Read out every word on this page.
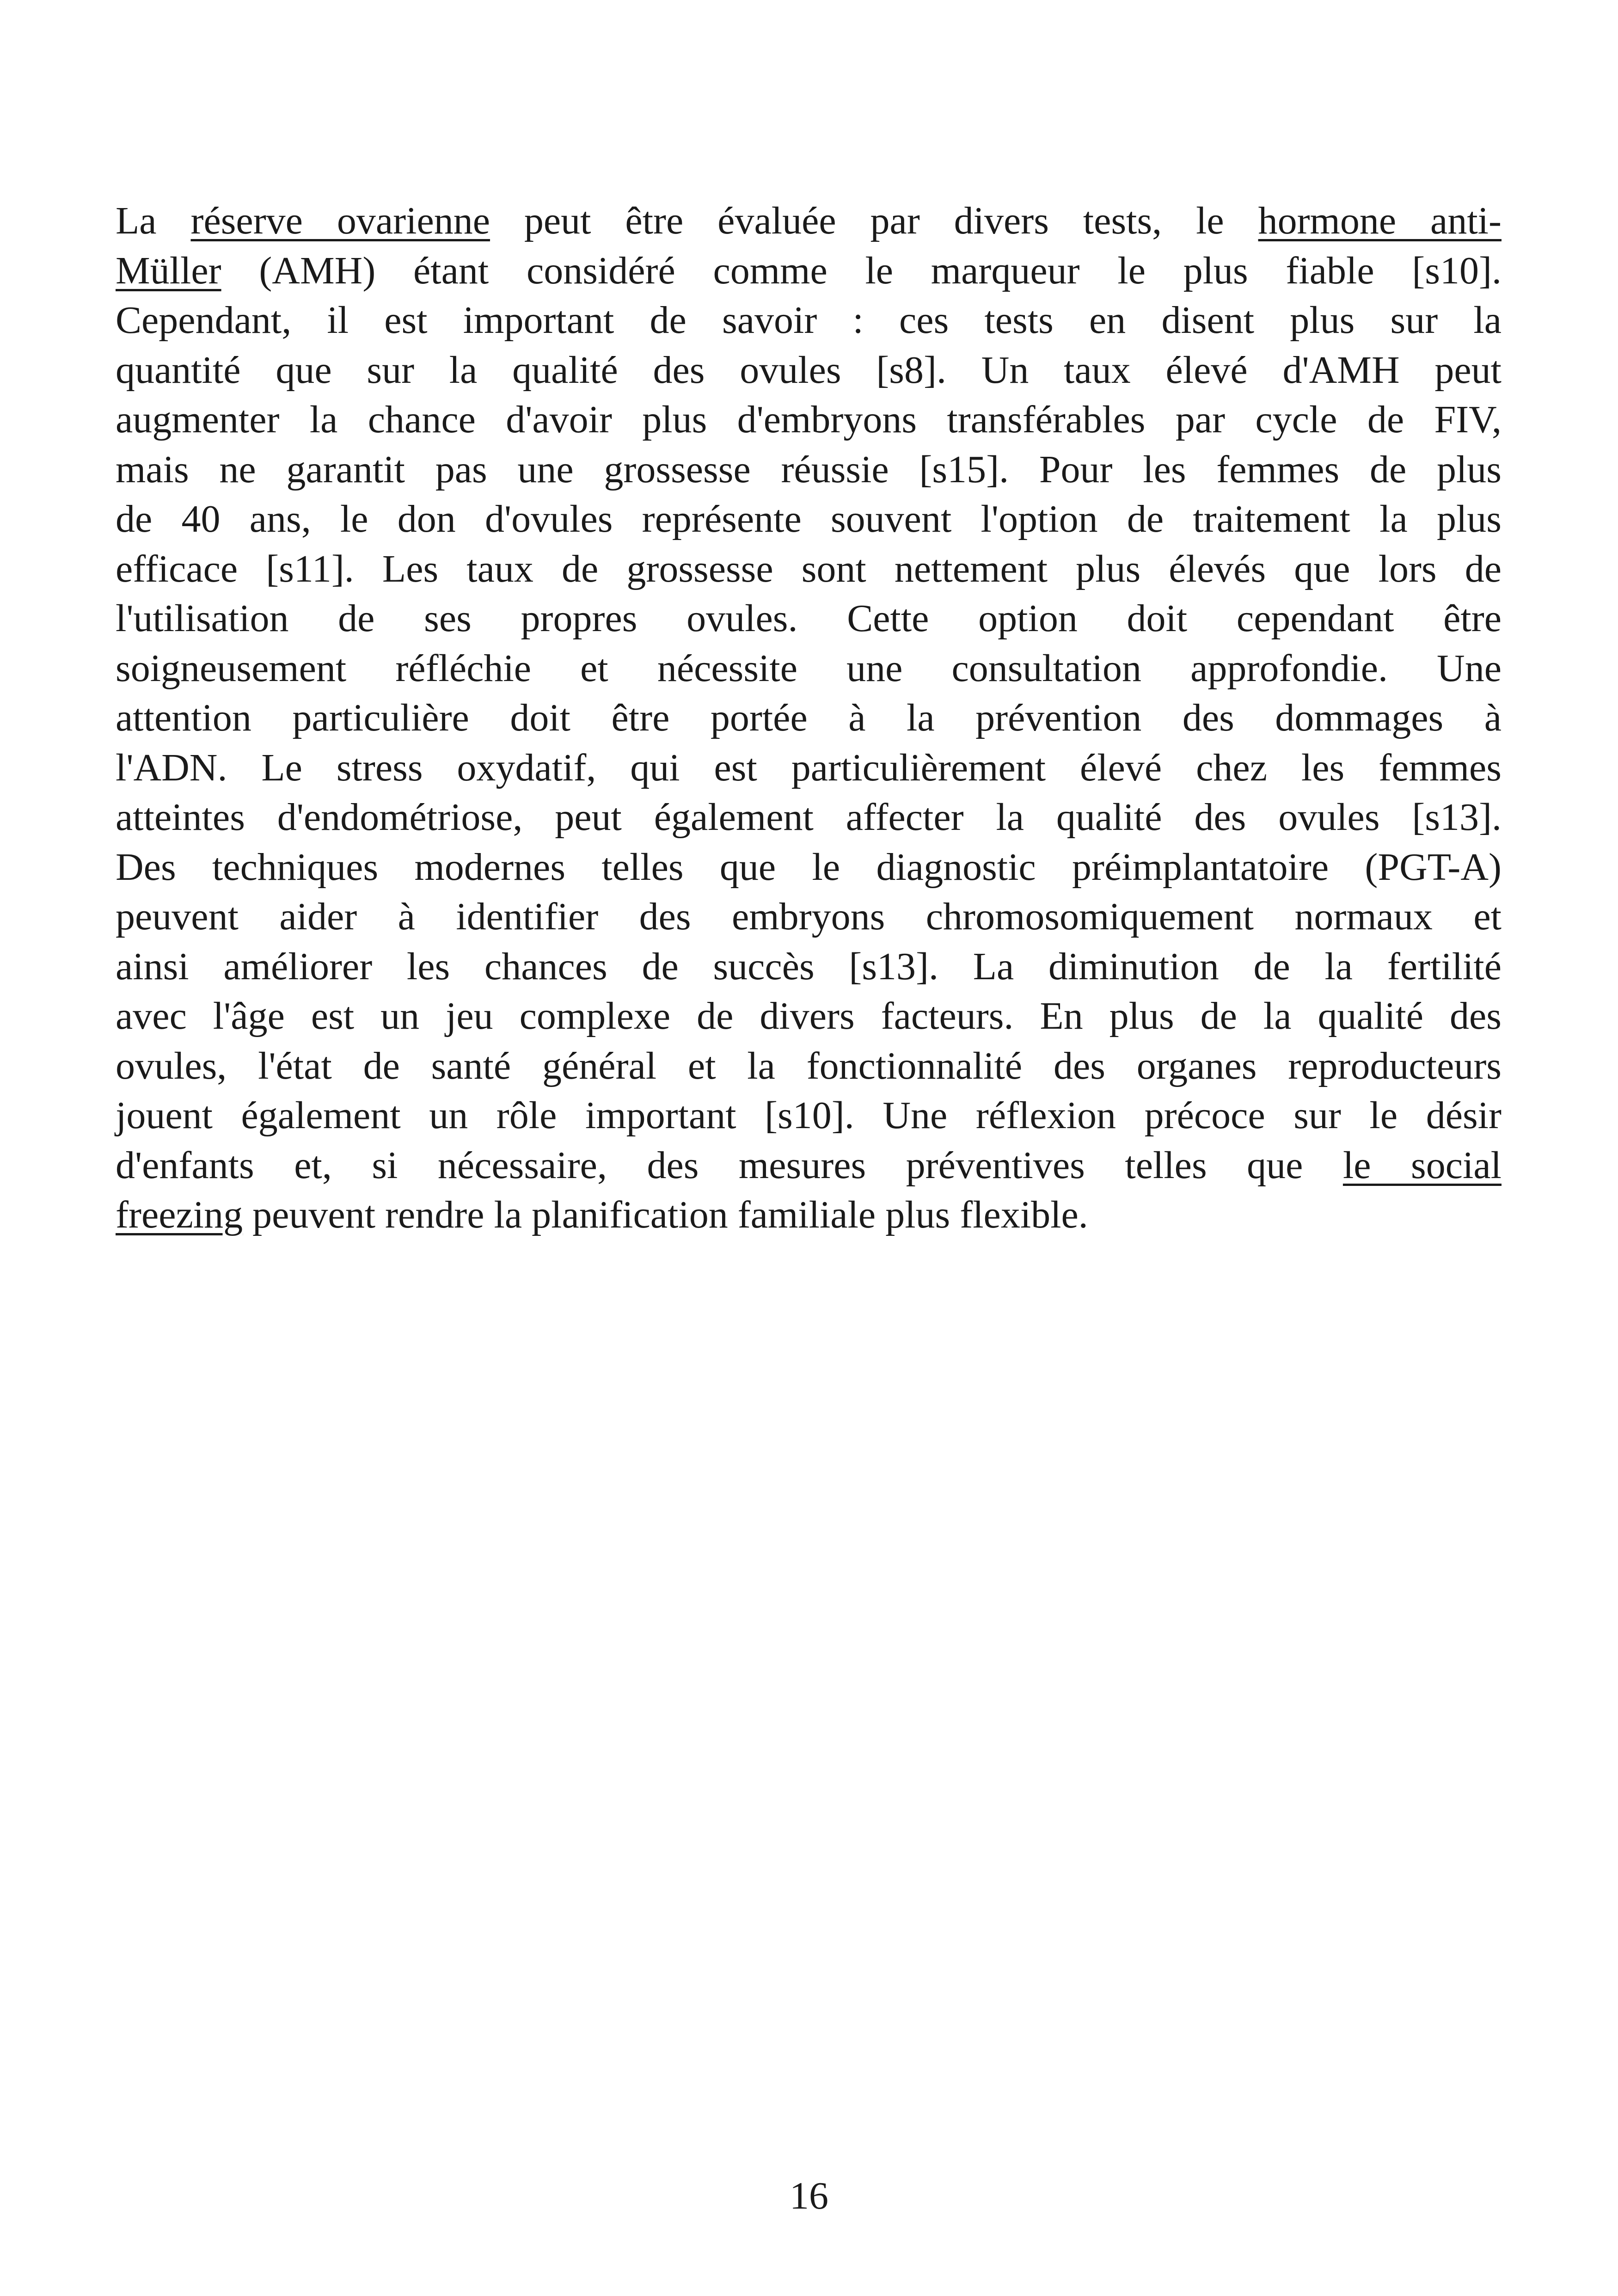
La réserve ovarienne peut être évaluée par divers tests, le hormone anti-
Müller (AMH) étant considéré comme le marqueur le plus fiable [s10].
Cependant, il est important de savoir : ces tests en disent plus sur la
quantité que sur la qualité des ovules [s8]. Un taux élevé d'AMH peut
augmenter la chance d'avoir plus d'embryons transférables par cycle de FIV,
mais ne garantit pas une grossesse réussie [s15]. Pour les femmes de plus
de 40 ans, le don d'ovules représente souvent l'option de traitement la plus
efficace [s11]. Les taux de grossesse sont nettement plus élevés que lors de
l'utilisation de ses propres ovules. Cette option doit cependant être
soigneusement réfléchie et nécessite une consultation approfondie. Une
attention particulière doit être portée à la prévention des dommages à
l'ADN. Le stress oxydatif, qui est particulièrement élevé chez les femmes
atteintes d'endométriose, peut également affecter la qualité des ovules [s13].
Des techniques modernes telles que le diagnostic préimplantatoire (PGT-A)
peuvent aider à identifier des embryons chromosomiquement normaux et
ainsi améliorer les chances de succès [s13]. La diminution de la fertilité
avec l'âge est un jeu complexe de divers facteurs. En plus de la qualité des
ovules, l'état de santé général et la fonctionnalité des organes reproducteurs
jouent également un rôle important [s10]. Une réflexion précoce sur le désir
d'enfants et, si nécessaire, des mesures préventives telles que le social
freezing peuvent rendre la planification familiale plus flexible.
16
